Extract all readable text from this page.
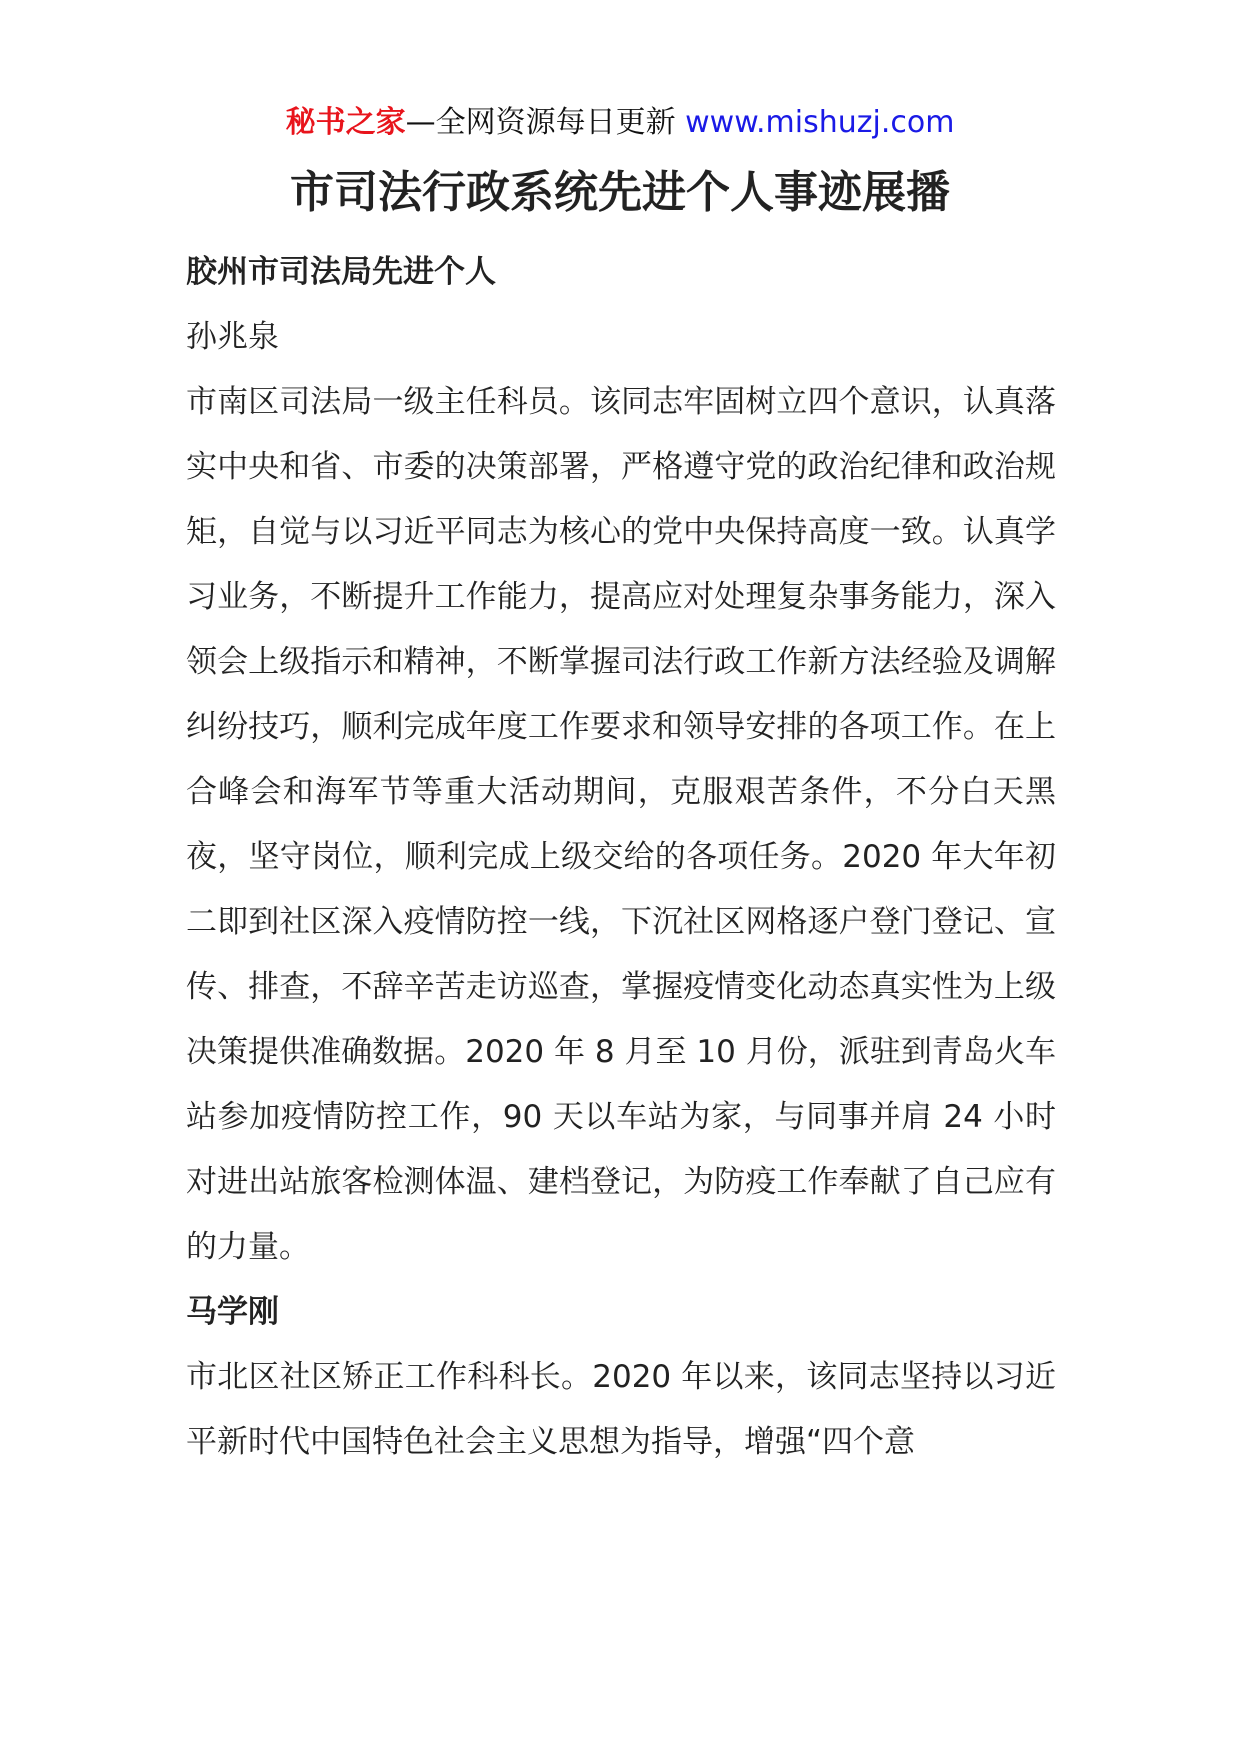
秘书之家—全网资源每日更新 www.mishuzj.com
市司法行政系统先进个人事迹展播

胶州市司法局先进个人

孙兆泉

市南区司法局一级主任科员。该同志牢固树立四个意识，认真落实中央和省、市委的决策部署，严格遵守党的政治纪律和政治规矩，自觉与以习近平同志为核心的党中央保持高度一致。认真学习业务，不断提升工作能力，提高应对处理复杂事务能力，深入领会上级指示和精神，不断掌握司法行政工作新方法经验及调解纠纷技巧，顺利完成年度工作要求和领导安排的各项工作。在上合峰会和海军节等重大活动期间，克服艰苦条件，不分白天黑夜，坚守岗位，顺利完成上级交给的各项任务。2020 年大年初二即到社区深入疫情防控一线，下沉社区网格逐户登门登记、宣传、排查，不辞辛苦走访巡查，掌握疫情变化动态真实性为上级决策提供准确数据。2020 年 8 月至 10 月份，派驻到青岛火车站参加疫情防控工作，90 天以车站为家，与同事并肩 24 小时对进出站旅客检测体温、建档登记，为防疫工作奉献了自己应有的力量。

马学刚

市北区社区矫正工作科科长。2020 年以来，该同志坚持以习近平新时代中国特色社会主义思想为指导，增强“四个意
